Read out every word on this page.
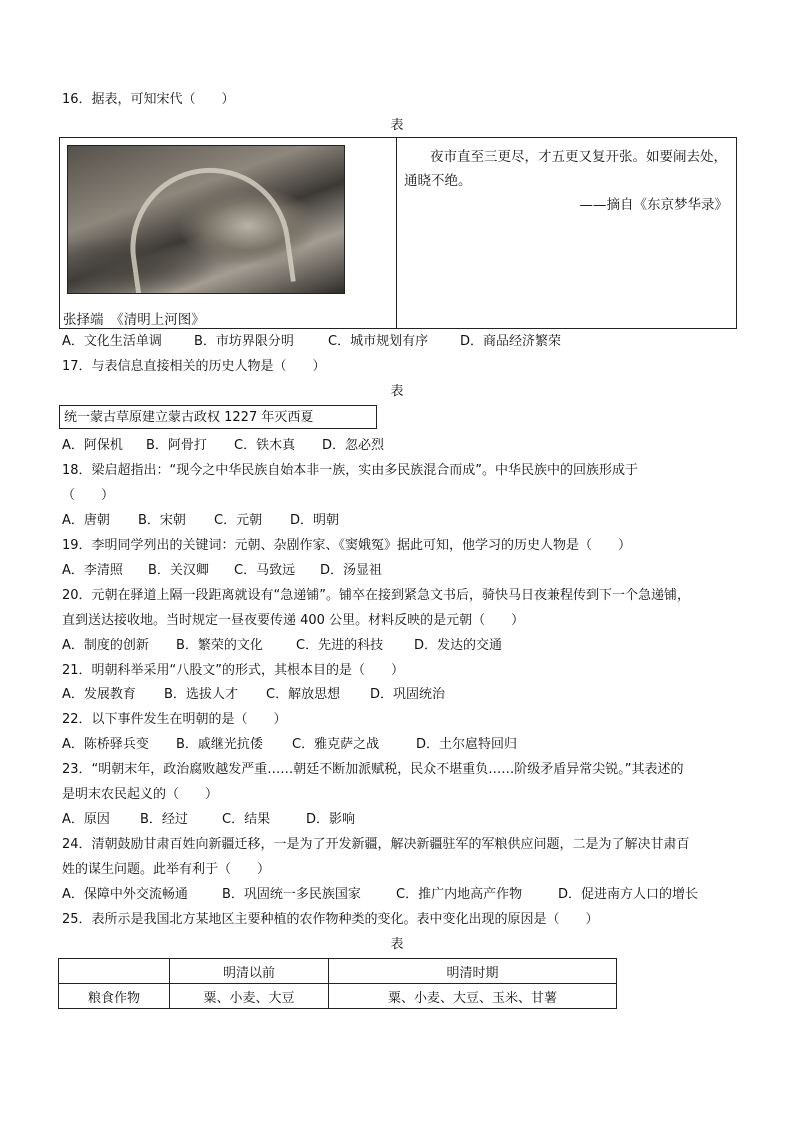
16．据表，可知宋代（　　）
表
张择端　《清明上河图》

夜市直至三更尽，才五更又复开张。如要闹去处，
通晓不绝。
——摘自《东京梦华录》
A．文化生活单调 B．市坊界限分明	C．城市规划有序 D．商品经济繁荣
17．与表信息直接相关的历史人物是（　　）
表
统一蒙古草原建立蒙古政权 1227 年灭西夏
A．阿保机 B．阿骨打 C．铁木真 D．忽必烈
18．梁启超指出：“现今之中华民族自始本非一族，实由多民族混合而成”。中华民族中的回族形成于
（　　）
A．唐朝 B．宋朝 C．元朝 D．明朝
19．李明同学列出的关键词：元朝、杂剧作家、《窦娥冤》据此可知，他学习的历史人物是（　　）
A．李清照 B．关汉卿 C．马致远 D．汤显祖
20．元朝在驿道上隔一段距离就设有“急递铺”。铺卒在接到紧急文书后，骑快马日夜兼程传到下一个急递铺，
直到送达接收地。当时规定一昼夜要传递 400 公里。材料反映的是元朝（　　）
A．制度的创新 B．繁荣的文化	C．先进的科技 D．发达的交通
21．明朝科举采用“八股文”的形式，其根本目的是（　　）
A．发展教育 B．选拔人才 C．解放思想 D．巩固统治
22．以下事件发生在明朝的是（　　）
A．陈桥驿兵变 B．戚继光抗倭 C．雅克萨之战	D．土尔扈特回归
23．“明朝末年，政治腐败越发严重……朝廷不断加派赋税，民众不堪重负……阶级矛盾异常尖锐。”其表述的
是明末农民起义的（　　）
A．原因 B．经过	C．结果	D．影响
24．清朝鼓励甘肃百姓向新疆迁移，一是为了开发新疆，解决新疆驻军的军粮供应问题，二是为了解决甘肃百
姓的谋生问题。此举有利于（　　）
A．保障中外交流畅通	B．巩固统一多民族国家	C．推广内地高产作物	D．促进南方人口的增长
25．表所示是我国北方某地区主要种植的农作物种类的变化。表中变化出现的原因是（　　）
表
	明清以前	明清时期
粮食作物	粟、小麦、大豆	粟、小麦、大豆、玉米、甘薯
